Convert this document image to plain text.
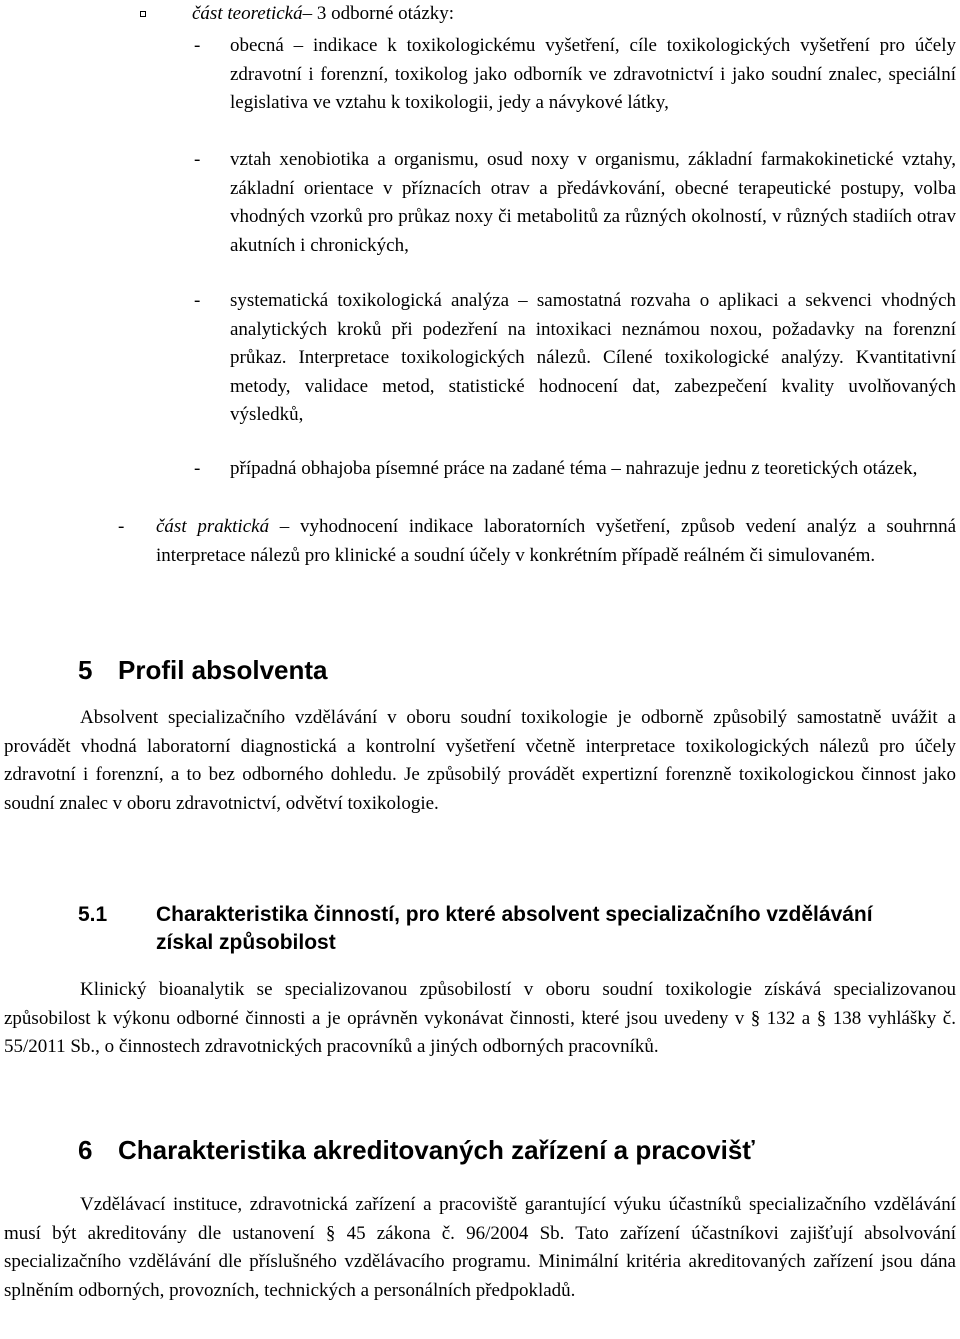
část teoretická– 3 odborné otázky:
- obecná – indikace k toxikologickému vyšetření, cíle toxikologických vyšetření pro účely zdravotní i forenzní, toxikolog jako odborník ve zdravotnictví i jako soudní znalec, speciální legislativa ve vztahu k toxikologii, jedy a návykové látky,

- vztah xenobiotika a organismu, osud noxy v organismu, základní farmakokinetické vztahy, základní orientace v příznacích otrav a předávkování, obecné terapeutické postupy, volba vhodných vzorků pro průkaz noxy či metabolitů za různých okolností, v různých stadiích otrav akutních i chronických,

- systematická toxikologická analýza – samostatná rozvaha o aplikaci a sekvenci vhodných analytických kroků při podezření na intoxikaci neznámou noxou, požadavky na forenzní průkaz. Interpretace toxikologických nálezů. Cílené toxikologické analýzy. Kvantitativní metody, validace metod, statistické hodnocení dat, zabezpečení kvality uvolňovaných výsledků,

- případná obhajoba písemné práce na zadané téma – nahrazuje jednu z teoretických otázek,

- část praktická – vyhodnocení indikace laboratorních vyšetření, způsob vedení analýz a souhrnná interpretace nálezů pro klinické a soudní účely v konkrétním případě reálném či simulovaném.

5 Profil absolventa

Absolvent specializačního vzdělávání v oboru soudní toxikologie je odborně způsobilý samostatně uvážit a provádět vhodná laboratorní diagnostická a kontrolní vyšetření včetně interpretace toxikologických nálezů pro účely zdravotní i forenzní, a to bez odborného dohledu. Je způsobilý provádět expertizní forenzně toxikologickou činnost jako soudní znalec v oboru zdravotnictví, odvětví toxikologie.

5.1 Charakteristika činností, pro které absolvent specializačního vzdělávání získal způsobilost

Klinický bioanalytik se specializovanou způsobilostí v oboru soudní toxikologie získává specializovanou způsobilost k výkonu odborné činnosti a je oprávněn vykonávat činnosti, které jsou uvedeny v § 132 a § 138 vyhlášky č. 55/2011 Sb., o činnostech zdravotnických pracovníků a jiných odborných pracovníků.

6 Charakteristika akreditovaných zařízení a pracovišť

Vzdělávací instituce, zdravotnická zařízení a pracoviště garantující výuku účastníků specializačního vzdělávání musí být akreditovány dle ustanovení § 45 zákona č. 96/2004 Sb. Tato zařízení účastníkovi zajišťují absolvování specializačního vzdělávání dle příslušného vzdělávacího programu. Minimální kritéria akreditovaných zařízení jsou dána splněním odborných, provozních, technických a personálních předpokladů.
